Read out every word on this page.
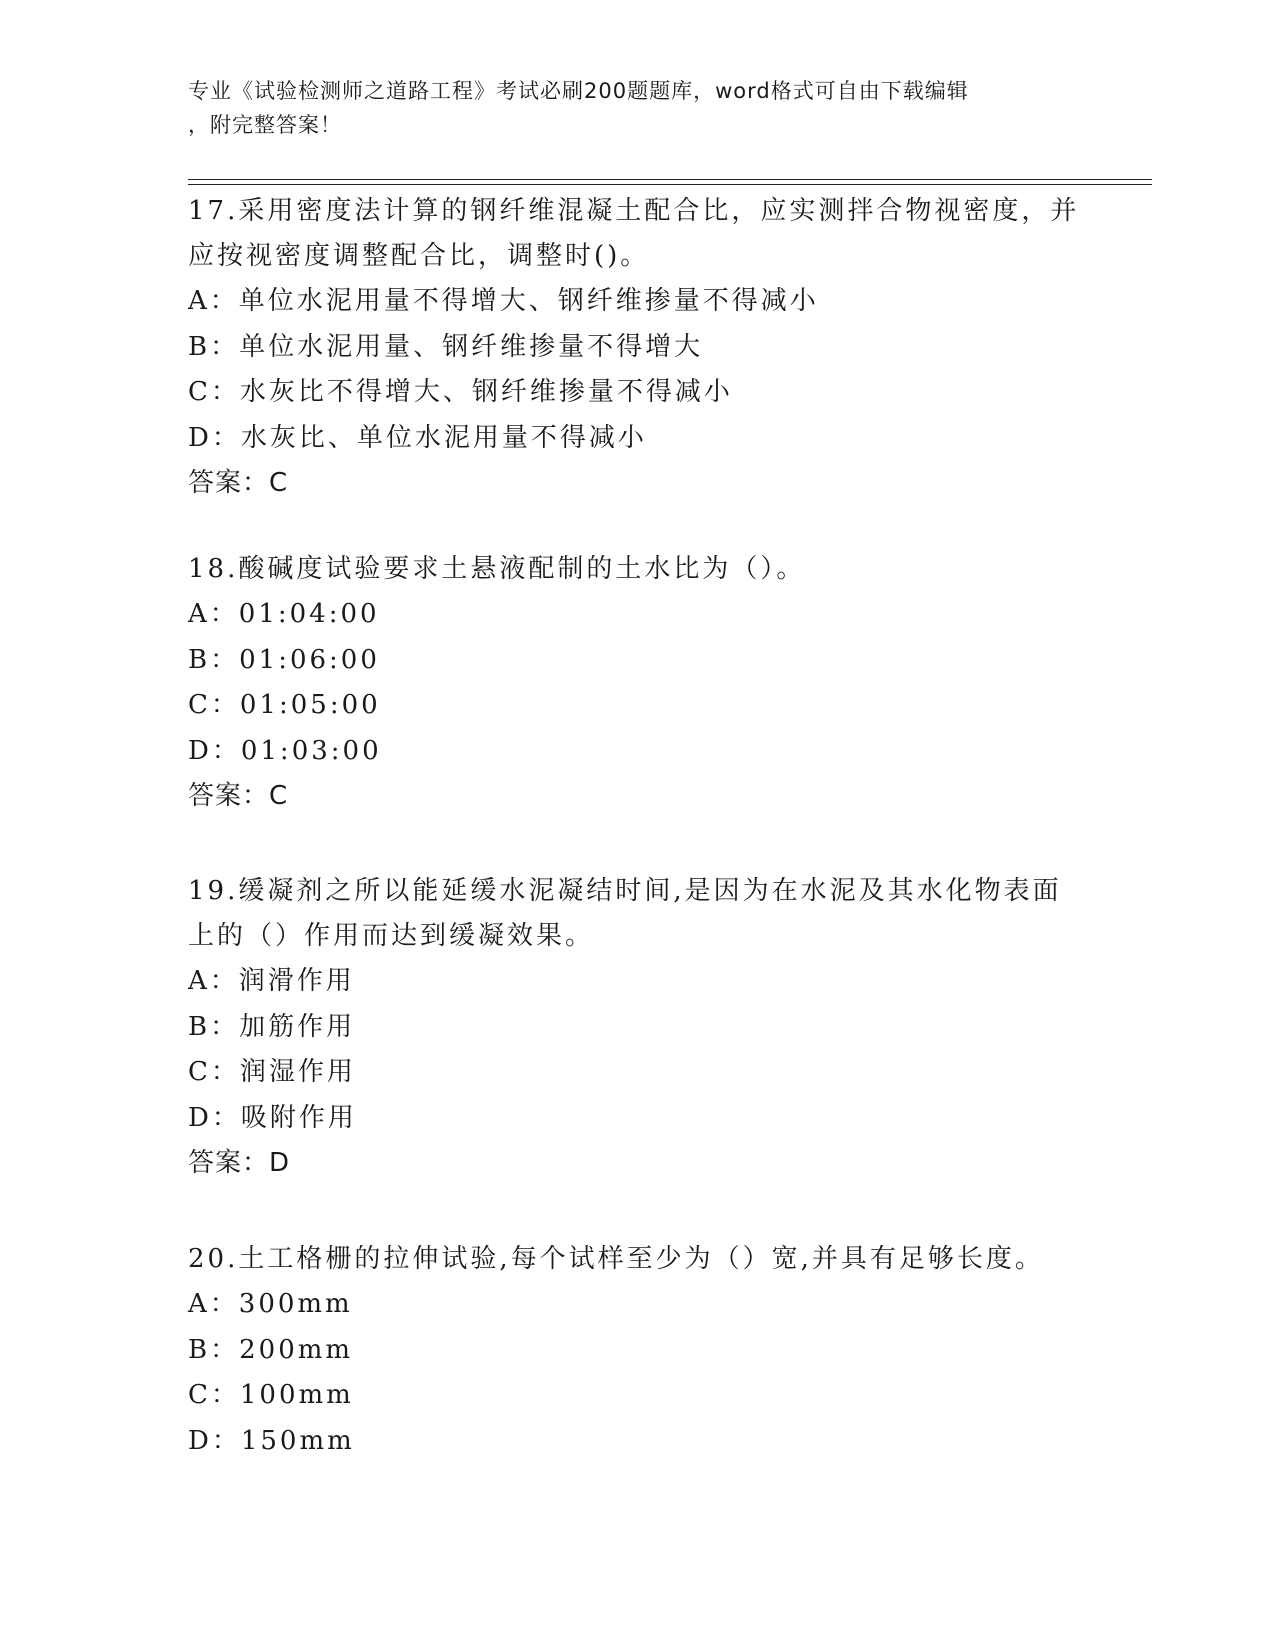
专业《试验检测师之道路工程》考试必刷200题题库，word格式可自由下载编辑
，附完整答案！
17.采用密度法计算的钢纤维混凝土配合比，应实测拌合物视密度，并
应按视密度调整配合比，调整时()。
A：单位水泥用量不得增大、钢纤维掺量不得减小
B：单位水泥用量、钢纤维掺量不得增大
C：水灰比不得增大、钢纤维掺量不得减小
D：水灰比、单位水泥用量不得减小
答案：C
18.酸碱度试验要求土悬液配制的土水比为（）。
A：01:04:00
B：01:06:00
C：01:05:00
D：01:03:00
答案：C
19.缓凝剂之所以能延缓水泥凝结时间,是因为在水泥及其水化物表面
上的（）作用而达到缓凝效果。
A：润滑作用
B：加筋作用
C：润湿作用
D：吸附作用
答案：D
20.土工格栅的拉伸试验,每个试样至少为（）宽,并具有足够长度。
A：300mm
B：200mm
C：100mm
D：150mm
